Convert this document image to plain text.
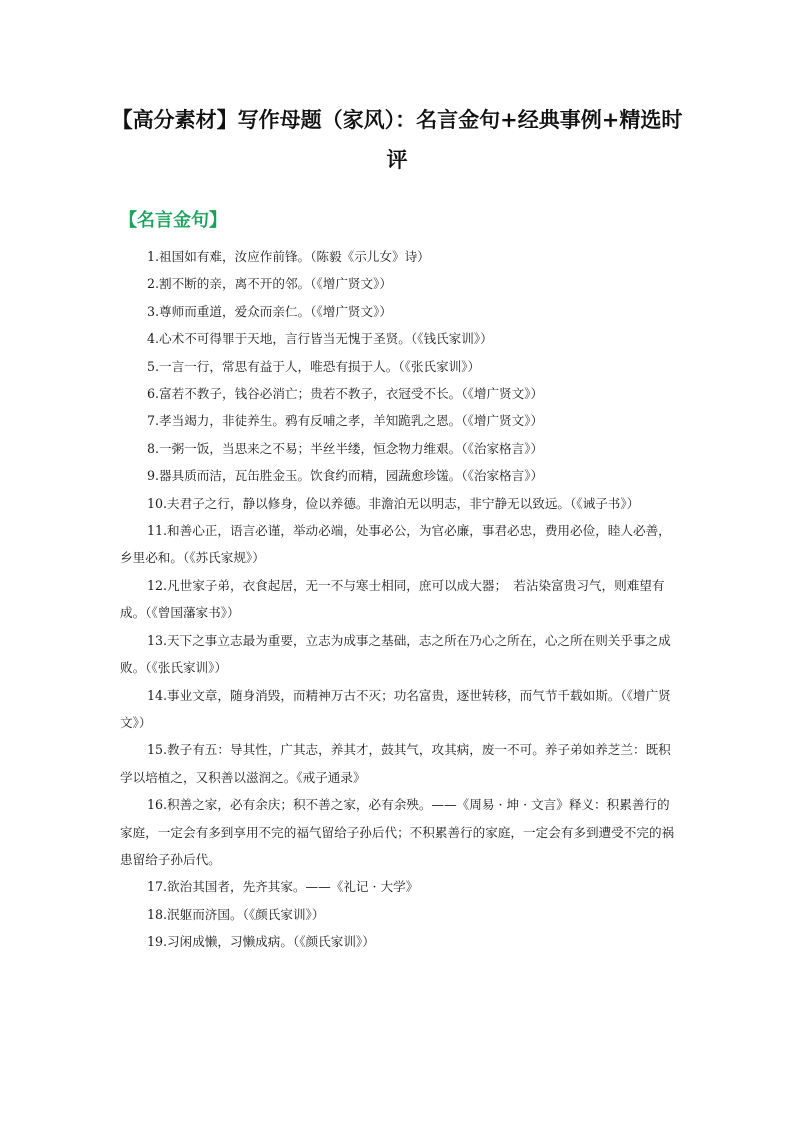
【高分素材】写作母题（家风）：名言金句+经典事例+精选时评
【名言金句】
1.祖国如有难，汝应作前锋。（陈毅《示儿女》诗）
2.割不断的亲，离不开的邻。（《增广贤文》）
3.尊师而重道，爱众而亲仁。（《增广贤文》）
4.心术不可得罪于天地，言行皆当无愧于圣贤。（《钱氏家训》）
5.一言一行，常思有益于人，唯恐有损于人。（《张氏家训》）
6.富若不教子，钱谷必消亡；贵若不教子，衣冠受不长。（《增广贤文》）
7.孝当竭力，非徒养生。鸦有反哺之孝，羊知跪乳之恩。（《增广贤文》）
8.一粥一饭，当思来之不易；半丝半缕，恒念物力维艰。（《治家格言》）
9.器具质而洁，瓦缶胜金玉。饮食约而精，园蔬愈珍馐。（《治家格言》）
10.夫君子之行，静以修身，俭以养德。非澹泊无以明志，非宁静无以致远。（《诫子书》）
11.和善心正，语言必谨，举动必端，处事必公，为官必廉，事君必忠，费用必俭，睦人必善，乡里必和。（《苏氏家规》）
12.凡世家子弟，衣食起居，无一不与寒士相同，庶可以成大器；　若沾染富贵习气，则难望有成。（《曾国藩家书》）
13.天下之事立志最为重要，立志为成事之基础，志之所在乃心之所在，心之所在则关乎事之成败。（《张氏家训》）
14.事业文章，随身消毁，而精神万古不灭；功名富贵，逐世转移，而气节千载如斯。（《增广贤文》）
15.教子有五：导其性，广其志，养其才，鼓其气，攻其病，废一不可。养子弟如养芝兰：既积学以培植之，又积善以滋润之。《戒子通录》
16.积善之家，必有余庆；积不善之家，必有余殃。——《周易 · 坤 · 文言》释义：积累善行的家庭，一定会有多到享用不完的福气留给子孙后代；不积累善行的家庭，一定会有多到遭受不完的祸患留给子孙后代。
17.欲治其国者，先齐其家。——《礼记 · 大学》
18.泯躯而济国。（《颜氏家训》）
19.习闲成懒，习懒成病。（《颜氏家训》）
